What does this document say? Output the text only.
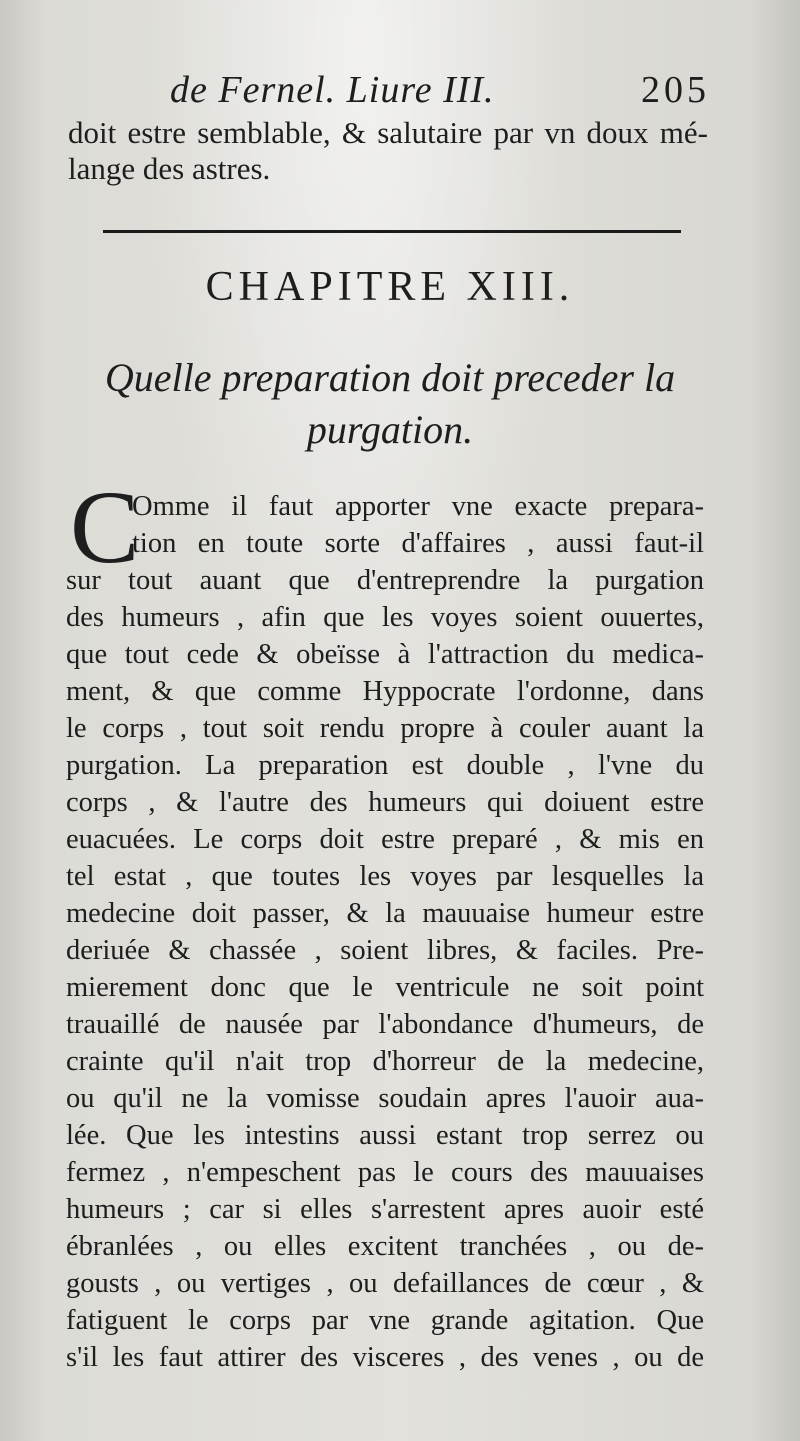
de Fernel. Liure III.	205
doit estre semblable, & salutaire par vn doux mé-
lange des astres.
CHAPITRE XIII.
Quelle preparation doit preceder la
purgation.
C
Omme il faut apporter vne exacte prepara-
tion en toute sorte d'affaires , aussi faut-il
sur tout auant que d'entreprendre la purgation
des humeurs , afin que les voyes soient ouuertes,
que tout cede & obeïsse à l'attraction du medica-
ment, & que comme Hyppocrate l'ordonne, dans
le corps , tout soit rendu propre à couler auant la
purgation. La preparation est double , l'vne du
corps , & l'autre des humeurs qui doiuent estre
euacuées. Le corps doit estre preparé , & mis en
tel estat , que toutes les voyes par lesquelles la
medecine doit passer, & la mauuaise humeur estre
deriuée & chassée , soient libres, & faciles. Pre-
mierement donc que le ventricule ne soit point
trauaillé de nausée par l'abondance d'humeurs, de
crainte qu'il n'ait trop d'horreur de la medecine,
ou qu'il ne la vomisse soudain apres l'auoir aua-
lée. Que les intestins aussi estant trop serrez ou
fermez , n'empeschent pas le cours des mauuaises
humeurs ; car si elles s'arrestent apres auoir esté
ébranlées , ou elles excitent tranchées , ou de-
gousts , ou vertiges , ou defaillances de cœur , &
fatiguent le corps par vne grande agitation. Que
s'il les faut attirer des visceres , des venes , ou de
